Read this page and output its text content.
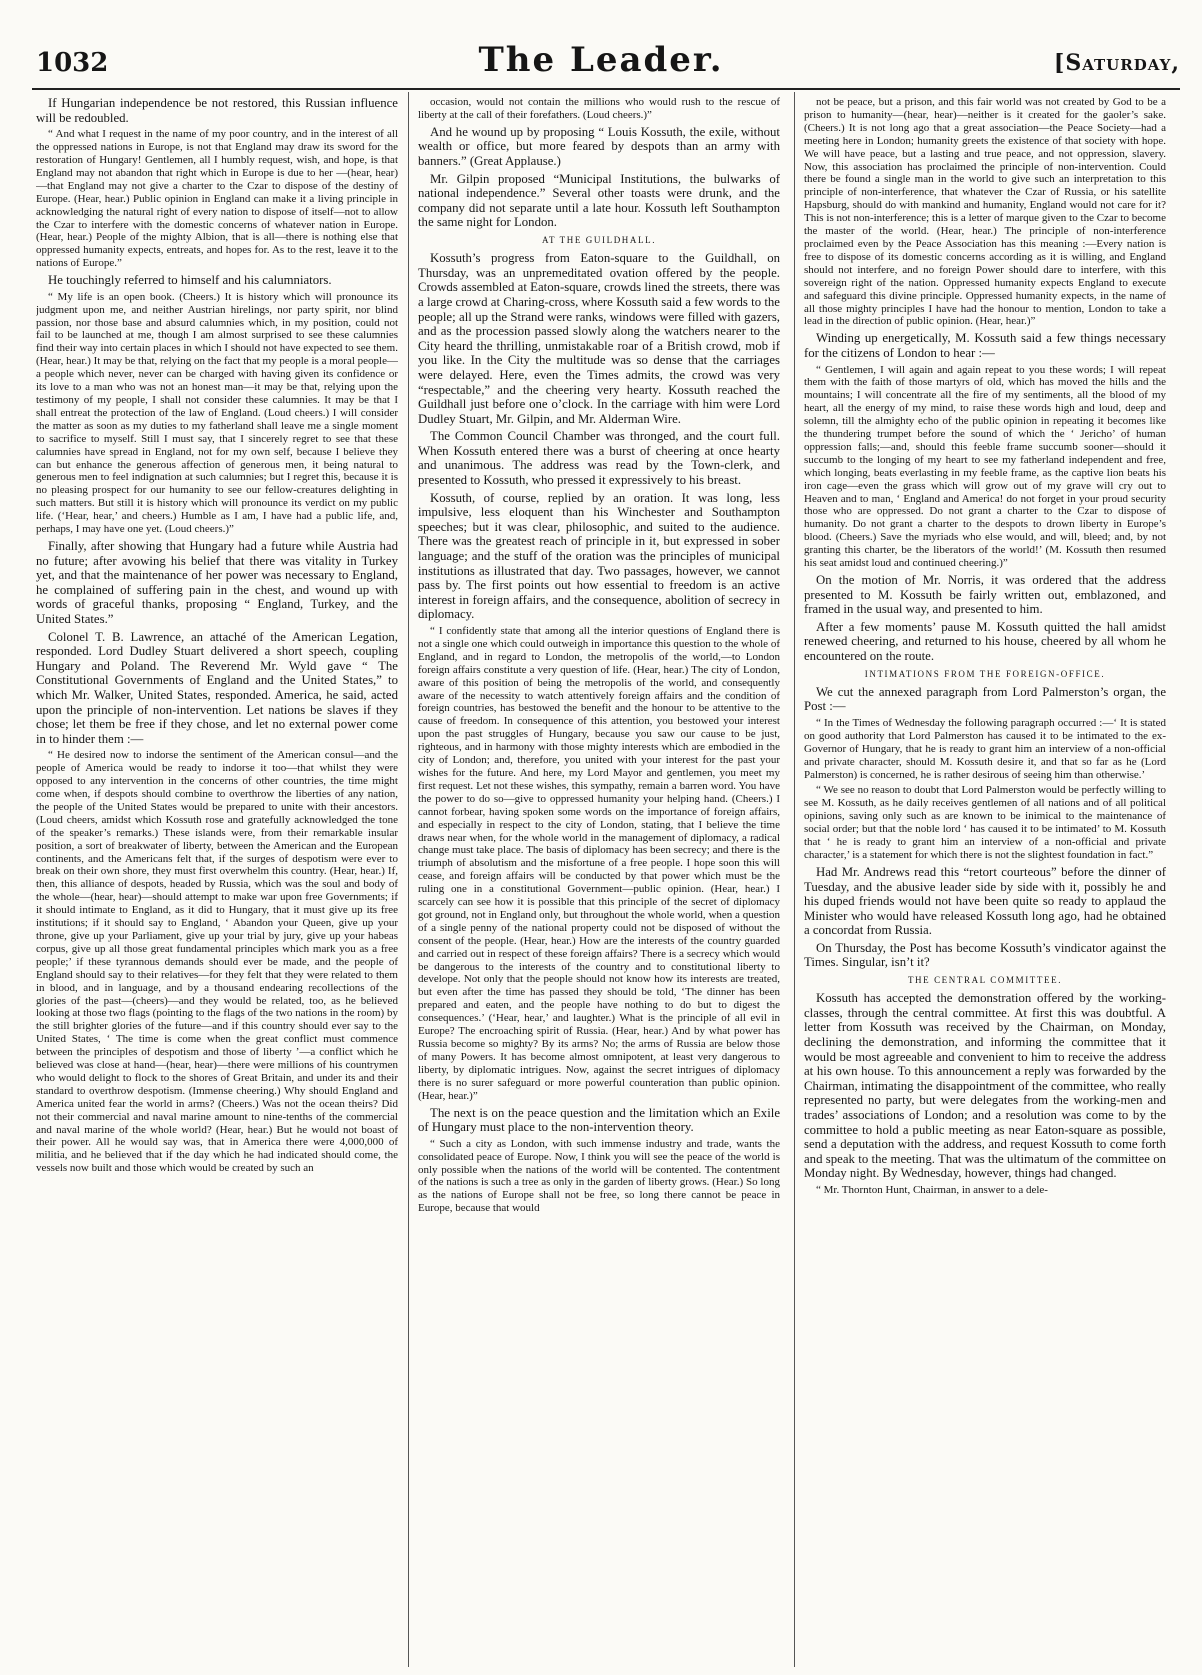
1032	The Leader.	[Saturday,

If Hungarian independence be not restored, this Russian influence will be redoubled.

“ And what I request in the name of my poor country, and in the interest of all the oppressed nations in Europe, is not that England may draw its sword for the restoration of Hungary! Gentlemen, all I humbly request, wish, and hope, is that England may not abandon that right which in Europe is due to her —(hear, hear)—that England may not give a charter to the Czar to dispose of the destiny of Europe. (Hear, hear.) Public opinion in England can make it a living principle in acknowledging the natural right of every nation to dispose of itself—not to allow the Czar to interfere with the domestic concerns of whatever nation in Europe. (Hear, hear.) People of the mighty Albion, that is all—there is nothing else that oppressed humanity expects, entreats, and hopes for. As to the rest, leave it to the nations of Europe.”

He touchingly referred to himself and his calumniators.

“ My life is an open book. (Cheers.) It is history which will pronounce its judgment upon me, and neither Austrian hirelings, nor party spirit, nor blind passion, nor those base and absurd calumnies which, in my position, could not fail to be launched at me, though I am almost surprised to see these calumnies find their way into certain places in which I should not have expected to see them. (Hear, hear.) It may be that, relying on the fact that my people is a moral people—a people which never, never can be charged with having given its confidence or its love to a man who was not an honest man—it may be that, relying upon the testimony of my people, I shall not consider these calumnies. It may be that I shall entreat the protection of the law of England. (Loud cheers.) I will consider the matter as soon as my duties to my fatherland shall leave me a single moment to sacrifice to myself. Still I must say, that I sincerely regret to see that these calumnies have spread in England, not for my own self, because I believe they can but enhance the generous affection of generous men, it being natural to generous men to feel indignation at such calumnies; but I regret this, because it is no pleasing prospect for our humanity to see our fellow-creatures delighting in such matters. But still it is history which will pronounce its verdict on my public life. (‘Hear, hear,’ and cheers.) Humble as I am, I have had a public life, and, perhaps, I may have one yet. (Loud cheers.)”

Finally, after showing that Hungary had a future while Austria had no future; after avowing his belief that there was vitality in Turkey yet, and that the maintenance of her power was necessary to England, he complained of suffering pain in the chest, and wound up with words of graceful thanks, proposing “ England, Turkey, and the United States.”

Colonel T. B. Lawrence, an attaché of the American Legation, responded. Lord Dudley Stuart delivered a short speech, coupling Hungary and Poland. The Reverend Mr. Wyld gave “ The Constitutional Governments of England and the United States,” to which Mr. Walker, United States, responded. America, he said, acted upon the principle of non-intervention. Let nations be slaves if they chose; let them be free if they chose, and let no external power come in to hinder them :—

“ He desired now to indorse the sentiment of the American consul—and the people of America would be ready to indorse it too—that whilst they were opposed to any intervention in the concerns of other countries, the time might come when, if despots should combine to overthrow the liberties of any nation, the people of the United States would be prepared to unite with their ancestors. (Loud cheers, amidst which Kossuth rose and gratefully acknowledged the tone of the speaker’s remarks.) These islands were, from their remarkable insular position, a sort of breakwater of liberty, between the American and the European continents, and the Americans felt that, if the surges of despotism were ever to break on their own shore, they must first overwhelm this country. (Hear, hear.) If, then, this alliance of despots, headed by Russia, which was the soul and body of the whole—(hear, hear)—should attempt to make war upon free Governments; if it should intimate to England, as it did to Hungary, that it must give up its free institutions; if it should say to England, ‘ Abandon your Queen, give up your throne, give up your Parliament, give up your trial by jury, give up your habeas corpus, give up all those great fundamental principles which mark you as a free people;’ if these tyrannous demands should ever be made, and the people of England should say to their relatives—for they felt that they were related to them in blood, and in language, and by a thousand endearing recollections of the glories of the past—(cheers)—and they would be related, too, as he believed looking at those two flags (pointing to the flags of the two nations in the room) by the still brighter glories of the future—and if this country should ever say to the United States, ‘ The time is come when the great conflict must commence between the principles of despotism and those of liberty ’—a conflict which he believed was close at hand—(hear, hear)—there were millions of his countrymen who would delight to flock to the shores of Great Britain, and under its and their standard to overthrow despotism. (Immense cheering.) Why should England and America united fear the world in arms? (Cheers.) Was not the ocean theirs? Did not their commercial and naval marine amount to nine-tenths of the commercial and naval marine of the whole world? (Hear, hear.) But he would not boast of their power. All he would say was, that in America there were 4,000,000 of militia, and he believed that if the day which he had indicated should come, the vessels now built and those which would be created by such an

occasion, would not contain the millions who would rush to the rescue of liberty at the call of their forefathers. (Loud cheers.)”

And he wound up by proposing “ Louis Kossuth, the exile, without wealth or office, but more feared by despots than an army with banners.” (Great Applause.)

Mr. Gilpin proposed “Municipal Institutions, the bulwarks of national independence.” Several other toasts were drunk, and the company did not separate until a late hour. Kossuth left Southampton the same night for London.

AT THE GUILDHALL.

Kossuth’s progress from Eaton-square to the Guildhall, on Thursday, was an unpremeditated ovation offered by the people. Crowds assembled at Eaton-square, crowds lined the streets, there was a large crowd at Charing-cross, where Kossuth said a few words to the people; all up the Strand were ranks, windows were filled with gazers, and as the procession passed slowly along the watchers nearer to the City heard the thrilling, unmistakable roar of a British crowd, mob if you like. In the City the multitude was so dense that the carriages were delayed. Here, even the Times admits, the crowd was very “respectable,” and the cheering very hearty. Kossuth reached the Guildhall just before one o’clock. In the carriage with him were Lord Dudley Stuart, Mr. Gilpin, and Mr. Alderman Wire.

The Common Council Chamber was thronged, and the court full. When Kossuth entered there was a burst of cheering at once hearty and unanimous. The address was read by the Town-clerk, and presented to Kossuth, who pressed it expressively to his breast.

Kossuth, of course, replied by an oration. It was long, less impulsive, less eloquent than his Winchester and Southampton speeches; but it was clear, philosophic, and suited to the audience. There was the greatest reach of principle in it, but expressed in sober language; and the stuff of the oration was the principles of municipal institutions as illustrated that day. Two passages, however, we cannot pass by. The first points out how essential to freedom is an active interest in foreign affairs, and the consequence, abolition of secrecy in diplomacy.

“ I confidently state that among all the interior questions of England there is not a single one which could outweigh in importance this question to the whole of England, and in regard to London, the metropolis of the world,—to London foreign affairs constitute a very question of life. (Hear, hear.) The city of London, aware of this position of being the metropolis of the world, and consequently aware of the necessity to watch attentively foreign affairs and the condition of foreign countries, has bestowed the benefit and the honour to be attentive to the cause of freedom. In consequence of this attention, you bestowed your interest upon the past struggles of Hungary, because you saw our cause to be just, righteous, and in harmony with those mighty interests which are embodied in the city of London; and, therefore, you united with your interest for the past your wishes for the future. And here, my Lord Mayor and gentlemen, you meet my first request. Let not these wishes, this sympathy, remain a barren word. You have the power to do so—give to oppressed humanity your helping hand. (Cheers.) I cannot forbear, having spoken some words on the importance of foreign affairs, and especially in respect to the city of London, stating, that I believe the time draws near when, for the whole world in the management of diplomacy, a radical change must take place. The basis of diplomacy has been secrecy; and there is the triumph of absolutism and the misfortune of a free people. I hope soon this will cease, and foreign affairs will be conducted by that power which must be the ruling one in a constitutional Government—public opinion. (Hear, hear.) I scarcely can see how it is possible that this principle of the secret of diplomacy got ground, not in England only, but throughout the whole world, when a question of a single penny of the national property could not be disposed of without the consent of the people. (Hear, hear.) How are the interests of the country guarded and carried out in respect of these foreign affairs? There is a secrecy which would be dangerous to the interests of the country and to constitutional liberty to develope. Not only that the people should not know how its interests are treated, but even after the time has passed they should be told, ‘The dinner has been prepared and eaten, and the people have nothing to do but to digest the consequences.’ (‘Hear, hear,’ and laughter.) What is the principle of all evil in Europe? The encroaching spirit of Russia. (Hear, hear.) And by what power has Russia become so mighty? By its arms? No; the arms of Russia are below those of many Powers. It has become almost omnipotent, at least very dangerous to liberty, by diplomatic intrigues. Now, against the secret intrigues of diplomacy there is no surer safeguard or more powerful counteration than public opinion. (Hear, hear.)”

The next is on the peace question and the limitation which an Exile of Hungary must place to the non-intervention theory.

“ Such a city as London, with such immense industry and trade, wants the consolidated peace of Europe. Now, I think you will see the peace of the world is only possible when the nations of the world will be contented. The contentment of the nations is such a tree as only in the garden of liberty grows. (Hear.) So long as the nations of Europe shall not be free, so long there cannot be peace in Europe, because that would

not be peace, but a prison, and this fair world was not created by God to be a prison to humanity—(hear, hear)—neither is it created for the gaoler’s sake. (Cheers.) It is not long ago that a great association—the Peace Society—had a meeting here in London; humanity greets the existence of that society with hope. We will have peace, but a lasting and true peace, and not oppression, slavery. Now, this association has proclaimed the principle of non-intervention. Could there be found a single man in the world to give such an interpretation to this principle of non-interference, that whatever the Czar of Russia, or his satellite Hapsburg, should do with mankind and humanity, England would not care for it? This is not non-interference; this is a letter of marque given to the Czar to become the master of the world. (Hear, hear.) The principle of non-interference proclaimed even by the Peace Association has this meaning :—Every nation is free to dispose of its domestic concerns according as it is willing, and England should not interfere, and no foreign Power should dare to interfere, with this sovereign right of the nation. Oppressed humanity expects England to execute and safeguard this divine principle. Oppressed humanity expects, in the name of all those mighty principles I have had the honour to mention, London to take a lead in the direction of public opinion. (Hear, hear.)”

Winding up energetically, M. Kossuth said a few things necessary for the citizens of London to hear :—

“ Gentlemen, I will again and again repeat to you these words; I will repeat them with the faith of those martyrs of old, which has moved the hills and the mountains; I will concentrate all the fire of my sentiments, all the blood of my heart, all the energy of my mind, to raise these words high and loud, deep and solemn, till the almighty echo of the public opinion in repeating it becomes like the thundering trumpet before the sound of which the ‘ Jericho’ of human oppression falls;—and, should this feeble frame succumb sooner—should it succumb to the longing of my heart to see my fatherland independent and free, which longing, beats everlasting in my feeble frame, as the captive lion beats his iron cage—even the grass which will grow out of my grave will cry out to Heaven and to man, ‘ England and America! do not forget in your proud security those who are oppressed. Do not grant a charter to the Czar to dispose of humanity. Do not grant a charter to the despots to drown liberty in Europe’s blood. (Cheers.) Save the myriads who else would, and will, bleed; and, by not granting this charter, be the liberators of the world!’ (M. Kossuth then resumed his seat amidst loud and continued cheering.)”

On the motion of Mr. Norris, it was ordered that the address presented to M. Kossuth be fairly written out, emblazoned, and framed in the usual way, and presented to him.

After a few moments’ pause M. Kossuth quitted the hall amidst renewed cheering, and returned to his house, cheered by all whom he encountered on the route.

INTIMATIONS FROM THE FOREIGN-OFFICE.

We cut the annexed paragraph from Lord Palmerston’s organ, the Post :—

“ In the Times of Wednesday the following paragraph occurred :—‘ It is stated on good authority that Lord Palmerston has caused it to be intimated to the ex-Governor of Hungary, that he is ready to grant him an interview of a non-official and private character, should M. Kossuth desire it, and that so far as he (Lord Palmerston) is concerned, he is rather desirous of seeing him than otherwise.’

“ We see no reason to doubt that Lord Palmerston would be perfectly willing to see M. Kossuth, as he daily receives gentlemen of all nations and of all political opinions, saving only such as are known to be inimical to the maintenance of social order; but that the noble lord ‘ has caused it to be intimated’ to M. Kossuth that ‘ he is ready to grant him an interview of a non-official and private character,’ is a statement for which there is not the slightest foundation in fact.”

Had Mr. Andrews read this “retort courteous” before the dinner of Tuesday, and the abusive leader side by side with it, possibly he and his duped friends would not have been quite so ready to applaud the Minister who would have released Kossuth long ago, had he obtained a concordat from Russia.

On Thursday, the Post has become Kossuth’s vindicator against the Times. Singular, isn’t it?

THE CENTRAL COMMITTEE.

Kossuth has accepted the demonstration offered by the working-classes, through the central committee. At first this was doubtful. A letter from Kossuth was received by the Chairman, on Monday, declining the demonstration, and informing the committee that it would be most agreeable and convenient to him to receive the address at his own house. To this announcement a reply was forwarded by the Chairman, intimating the disappointment of the committee, who really represented no party, but were delegates from the working-men and trades’ associations of London; and a resolution was come to by the committee to hold a public meeting as near Eaton-square as possible, send a deputation with the address, and request Kossuth to come forth and speak to the meeting. That was the ultimatum of the committee on Monday night. By Wednesday, however, things had changed.

“ Mr. Thornton Hunt, Chairman, in answer to a dele-
